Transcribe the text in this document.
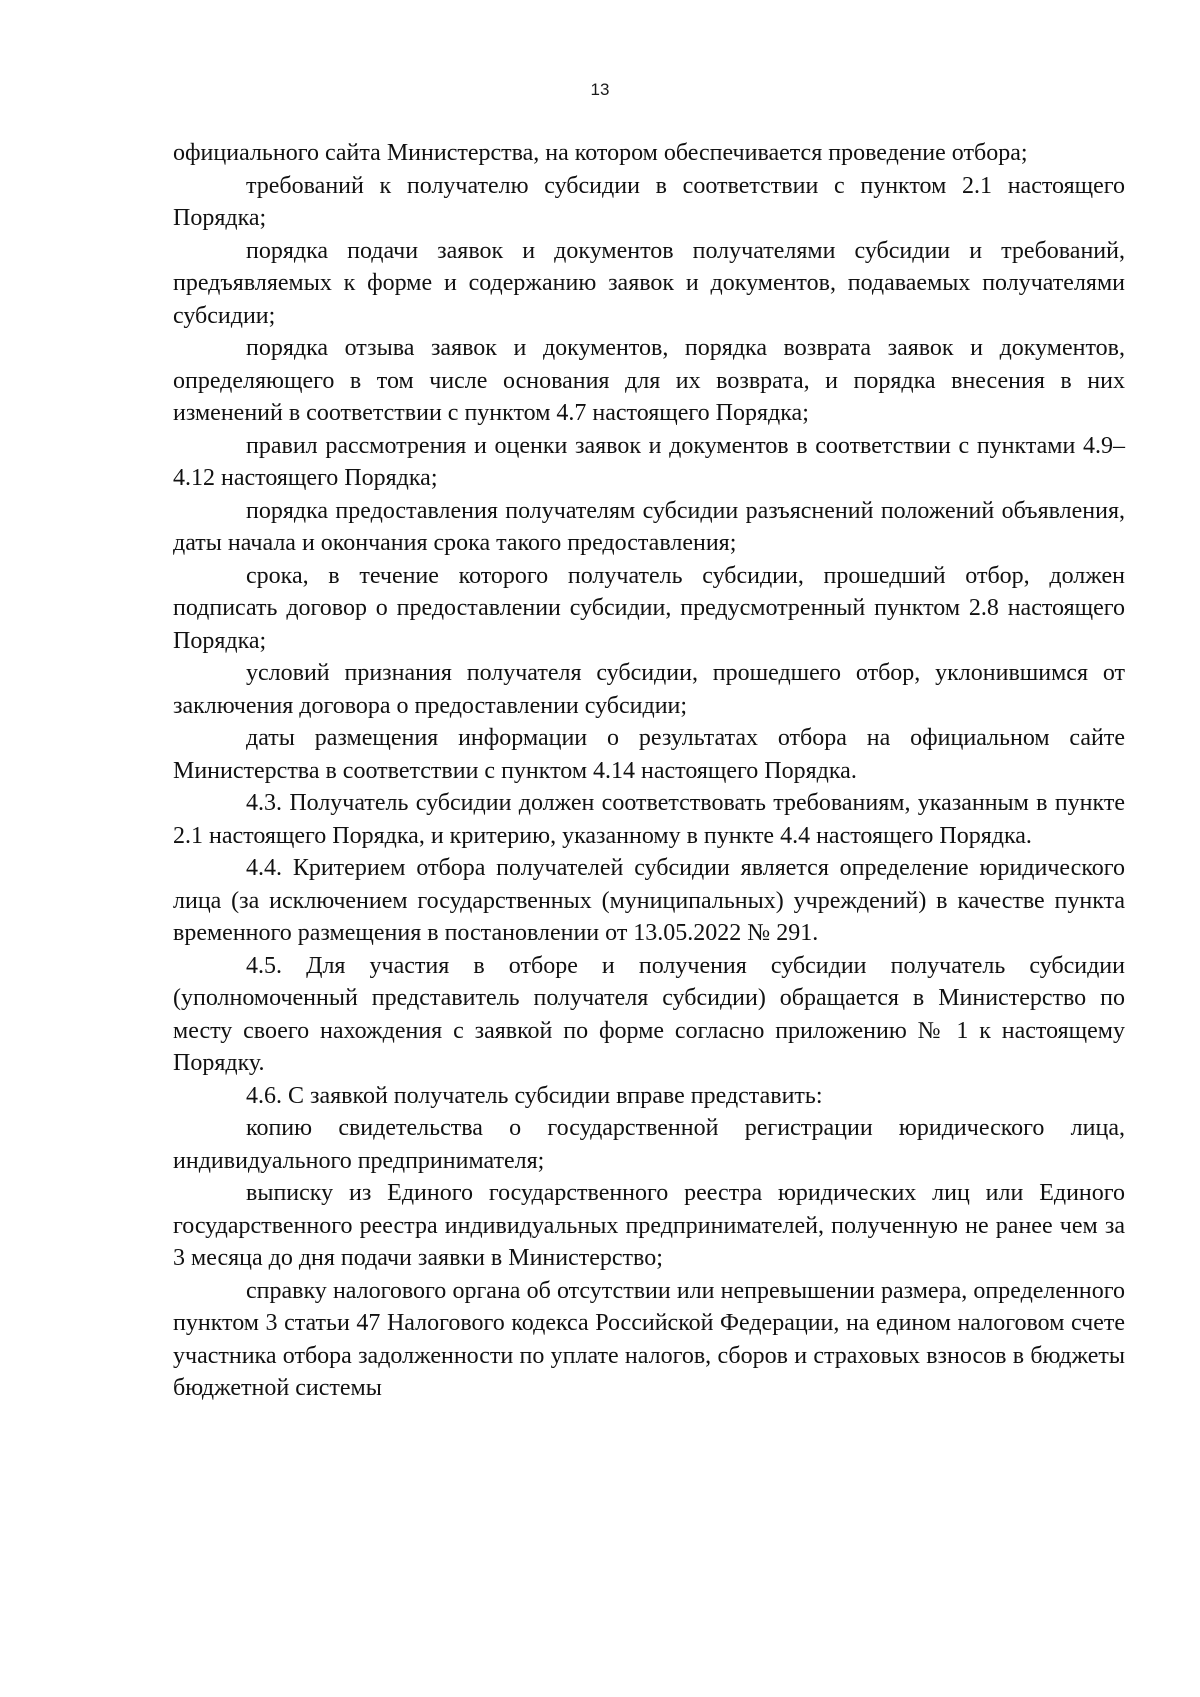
13

официального сайта Министерства, на котором обеспечивается проведение отбора;

требований к получателю субсидии в соответствии с пунктом 2.1 настоящего Порядка;

порядка подачи заявок и документов получателями субсидии и требований, предъявляемых к форме и содержанию заявок и документов, подаваемых получателями субсидии;

порядка отзыва заявок и документов, порядка возврата заявок и документов, определяющего в том числе основания для их возврата, и порядка внесения в них изменений в соответствии с пунктом 4.7 настоящего Порядка;

правил рассмотрения и оценки заявок и документов в соответствии с пунктами 4.9–4.12 настоящего Порядка;

порядка предоставления получателям субсидии разъяснений положений объявления, даты начала и окончания срока такого предоставления;

срока, в течение которого получатель субсидии, прошедший отбор, должен подписать договор о предоставлении субсидии, предусмотренный пунктом 2.8 настоящего Порядка;

условий признания получателя субсидии, прошедшего отбор, уклонившимся от заключения договора о предоставлении субсидии;

даты размещения информации о результатах отбора на официальном сайте Министерства в соответствии с пунктом 4.14 настоящего Порядка.

4.3. Получатель субсидии должен соответствовать требованиям, указанным в пункте 2.1 настоящего Порядка, и критерию, указанному в пункте 4.4 настоящего Порядка.

4.4. Критерием отбора получателей субсидии является определение юридического лица (за исключением государственных (муниципальных) учреждений) в качестве пункта временного размещения в постановлении от 13.05.2022 № 291.

4.5. Для участия в отборе и получения субсидии получатель субсидии (уполномоченный представитель получателя субсидии) обращается в Министерство по месту своего нахождения с заявкой по форме согласно приложению № 1 к настоящему Порядку.

4.6. С заявкой получатель субсидии вправе представить:

копию свидетельства о государственной регистрации юридического лица, индивидуального предпринимателя;

выписку из Единого государственного реестра юридических лиц или Единого государственного реестра индивидуальных предпринимателей, полученную не ранее чем за 3 месяца до дня подачи заявки в Министерство;

справку налогового органа об отсутствии или непревышении размера, определенного пунктом 3 статьи 47 Налогового кодекса Российской Федерации, на едином налоговом счете участника отбора задолженности по уплате налогов, сборов и страховых взносов в бюджеты бюджетной системы
